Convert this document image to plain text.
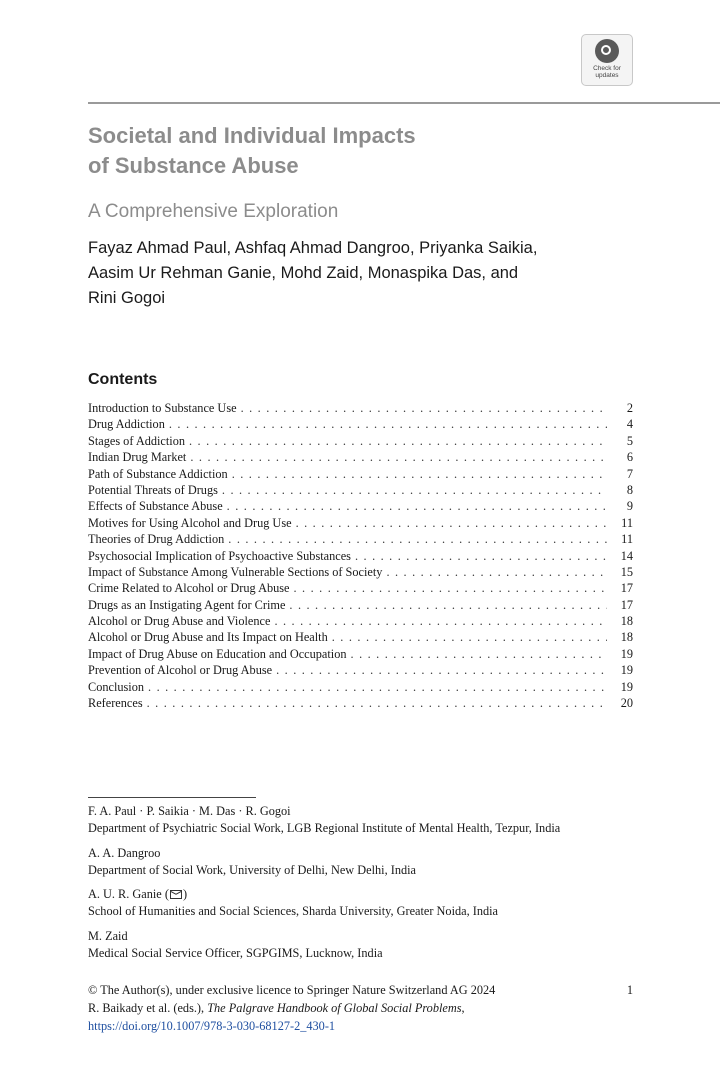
Check for
updates
Societal and Individual Impacts
of Substance Abuse
A Comprehensive Exploration
Fayaz Ahmad Paul, Ashfaq Ahmad Dangroo, Priyanka Saikia,
Aasim Ur Rehman Ganie, Mohd Zaid, Monaspika Das, and
Rini Gogoi
Contents
Introduction to Substance Use . . .	2
Drug Addiction . . .	4
Stages of Addiction . . .	5
Indian Drug Market . . .	6
Path of Substance Addiction . . .	7
Potential Threats of Drugs . . .	8
Effects of Substance Abuse . . .	9
Motives for Using Alcohol and Drug Use . . .	11
Theories of Drug Addiction . . .	11
Psychosocial Implication of Psychoactive Substances . . .	14
Impact of Substance Among Vulnerable Sections of Society . . .	15
Crime Related to Alcohol or Drug Abuse . . .	17
Drugs as an Instigating Agent for Crime . . .	17
Alcohol or Drug Abuse and Violence . . .	18
Alcohol or Drug Abuse and Its Impact on Health . . .	18
Impact of Drug Abuse on Education and Occupation . . .	19
Prevention of Alcohol or Drug Abuse . . .	19
Conclusion . . .	19
References . . .	20
F. A. Paul · P. Saikia · M. Das · R. Gogoi
Department of Psychiatric Social Work, LGB Regional Institute of Mental Health, Tezpur, India
A. A. Dangroo
Department of Social Work, University of Delhi, New Delhi, India
A. U. R. Ganie ( )
School of Humanities and Social Sciences, Sharda University, Greater Noida, India
M. Zaid
Medical Social Service Officer, SGPGIMS, Lucknow, India
© The Author(s), under exclusive licence to Springer Nature Switzerland AG 2024
R. Baikady et al. (eds.), The Palgrave Handbook of Global Social Problems,
https://doi.org/10.1007/978-3-030-68127-2_430-1
1
